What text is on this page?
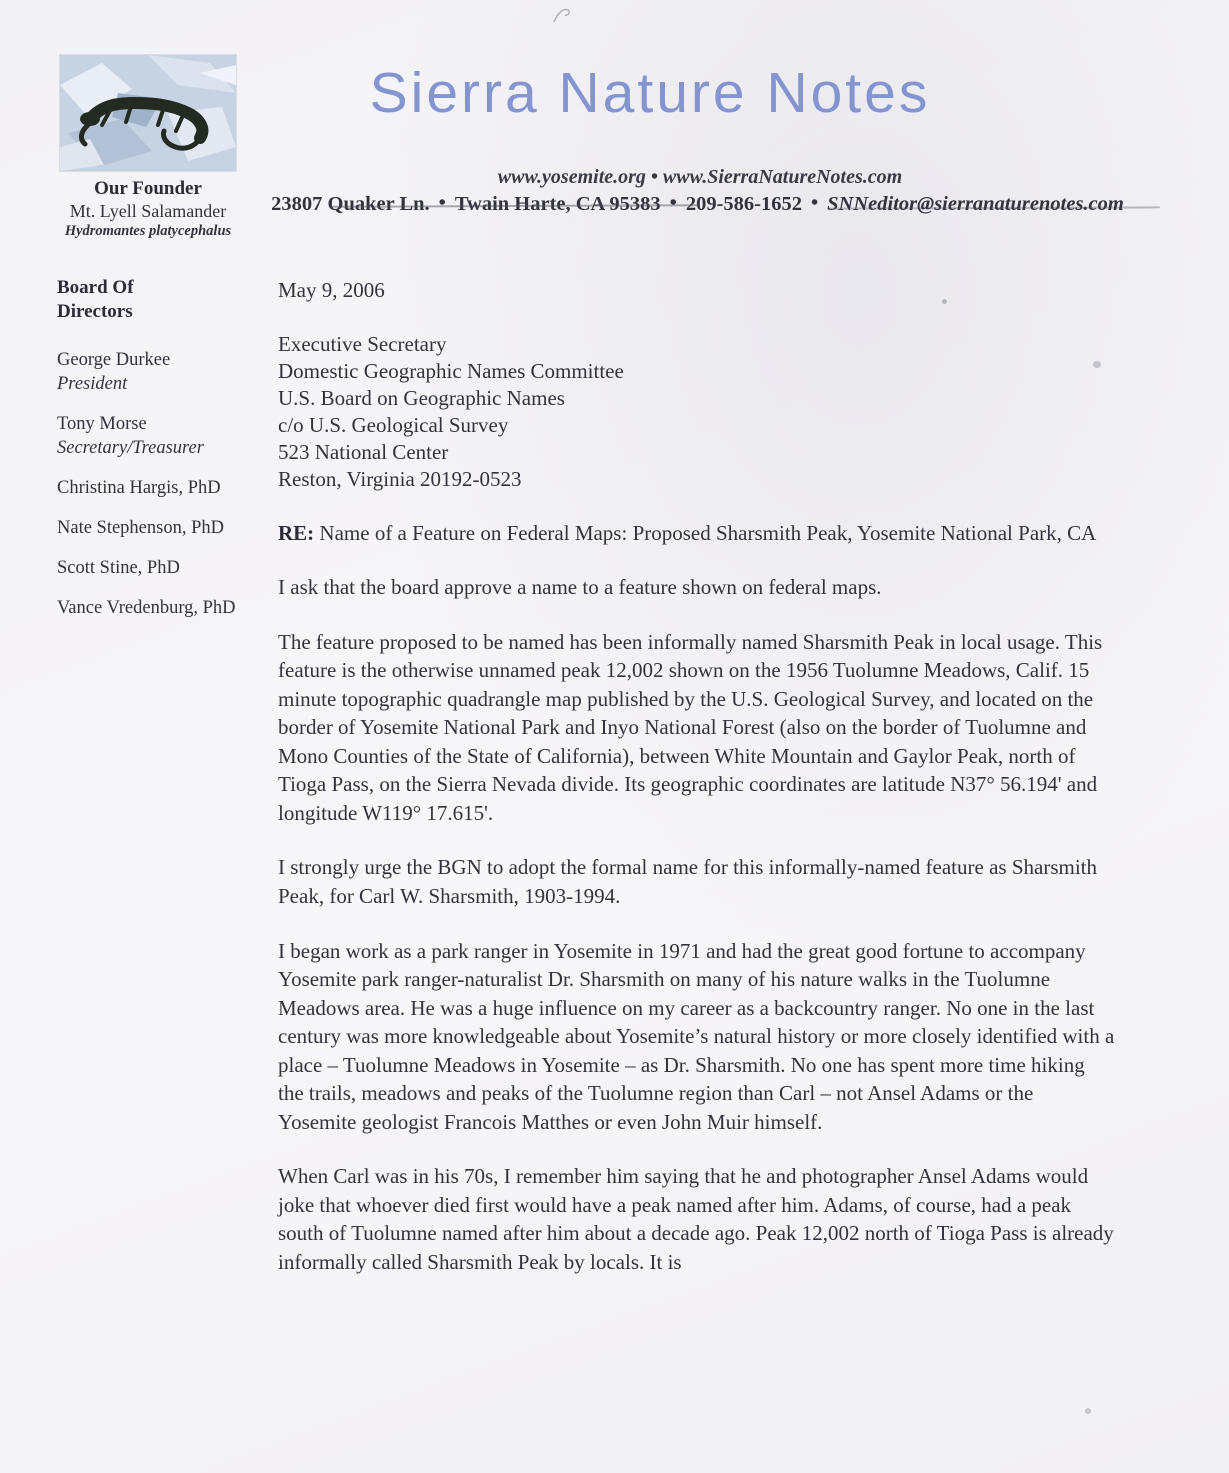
Our Founder
Mt. Lyell Salamander
Hydromantes platycephalus
Sierra Nature Notes
www.yosemite.org • www.SierraNatureNotes.com
23807 Quaker Ln. • Twain Harte, CA 95383 • 209-586-1652 • SNNeditor@sierranaturenotes.com
Board Of Directors
George Durkee
President
Tony Morse
Secretary/Treasurer
Christina Hargis, PhD
Nate Stephenson, PhD
Scott Stine, PhD
Vance Vredenburg, PhD
May 9, 2006
Executive Secretary
Domestic Geographic Names Committee
U.S. Board on Geographic Names
c/o U.S. Geological Survey
523 National Center
Reston, Virginia 20192-0523

RE: Name of a Feature on Federal Maps: Proposed Sharsmith Peak, Yosemite National Park, CA

I ask that the board approve a name to a feature shown on federal maps.

The feature proposed to be named has been informally named Sharsmith Peak in local usage. This feature is the otherwise unnamed peak 12,002 shown on the 1956 Tuolumne Meadows, Calif. 15 minute topographic quadrangle map published by the U.S. Geological Survey, and located on the border of Yosemite National Park and Inyo National Forest (also on the border of Tuolumne and Mono Counties of the State of California), between White Mountain and Gaylor Peak, north of Tioga Pass, on the Sierra Nevada divide. Its geographic coordinates are latitude N37° 56.194' and longitude W119° 17.615'.

I strongly urge the BGN to adopt the formal name for this informally-named feature as Sharsmith Peak, for Carl W. Sharsmith, 1903-1994.

I began work as a park ranger in Yosemite in 1971 and had the great good fortune to accompany Yosemite park ranger-naturalist Dr. Sharsmith on many of his nature walks in the Tuolumne Meadows area. He was a huge influence on my career as a backcountry ranger. No one in the last century was more knowledgeable about Yosemite’s natural history or more closely identified with a place – Tuolumne Meadows in Yosemite – as Dr. Sharsmith. No one has spent more time hiking the trails, meadows and peaks of the Tuolumne region than Carl – not Ansel Adams or the Yosemite geologist Francois Matthes or even John Muir himself.

When Carl was in his 70s, I remember him saying that he and photographer Ansel Adams would joke that whoever died first would have a peak named after him. Adams, of course, had a peak south of Tuolumne named after him about a decade ago. Peak 12,002 north of Tioga Pass is already informally called Sharsmith Peak by locals. It is
